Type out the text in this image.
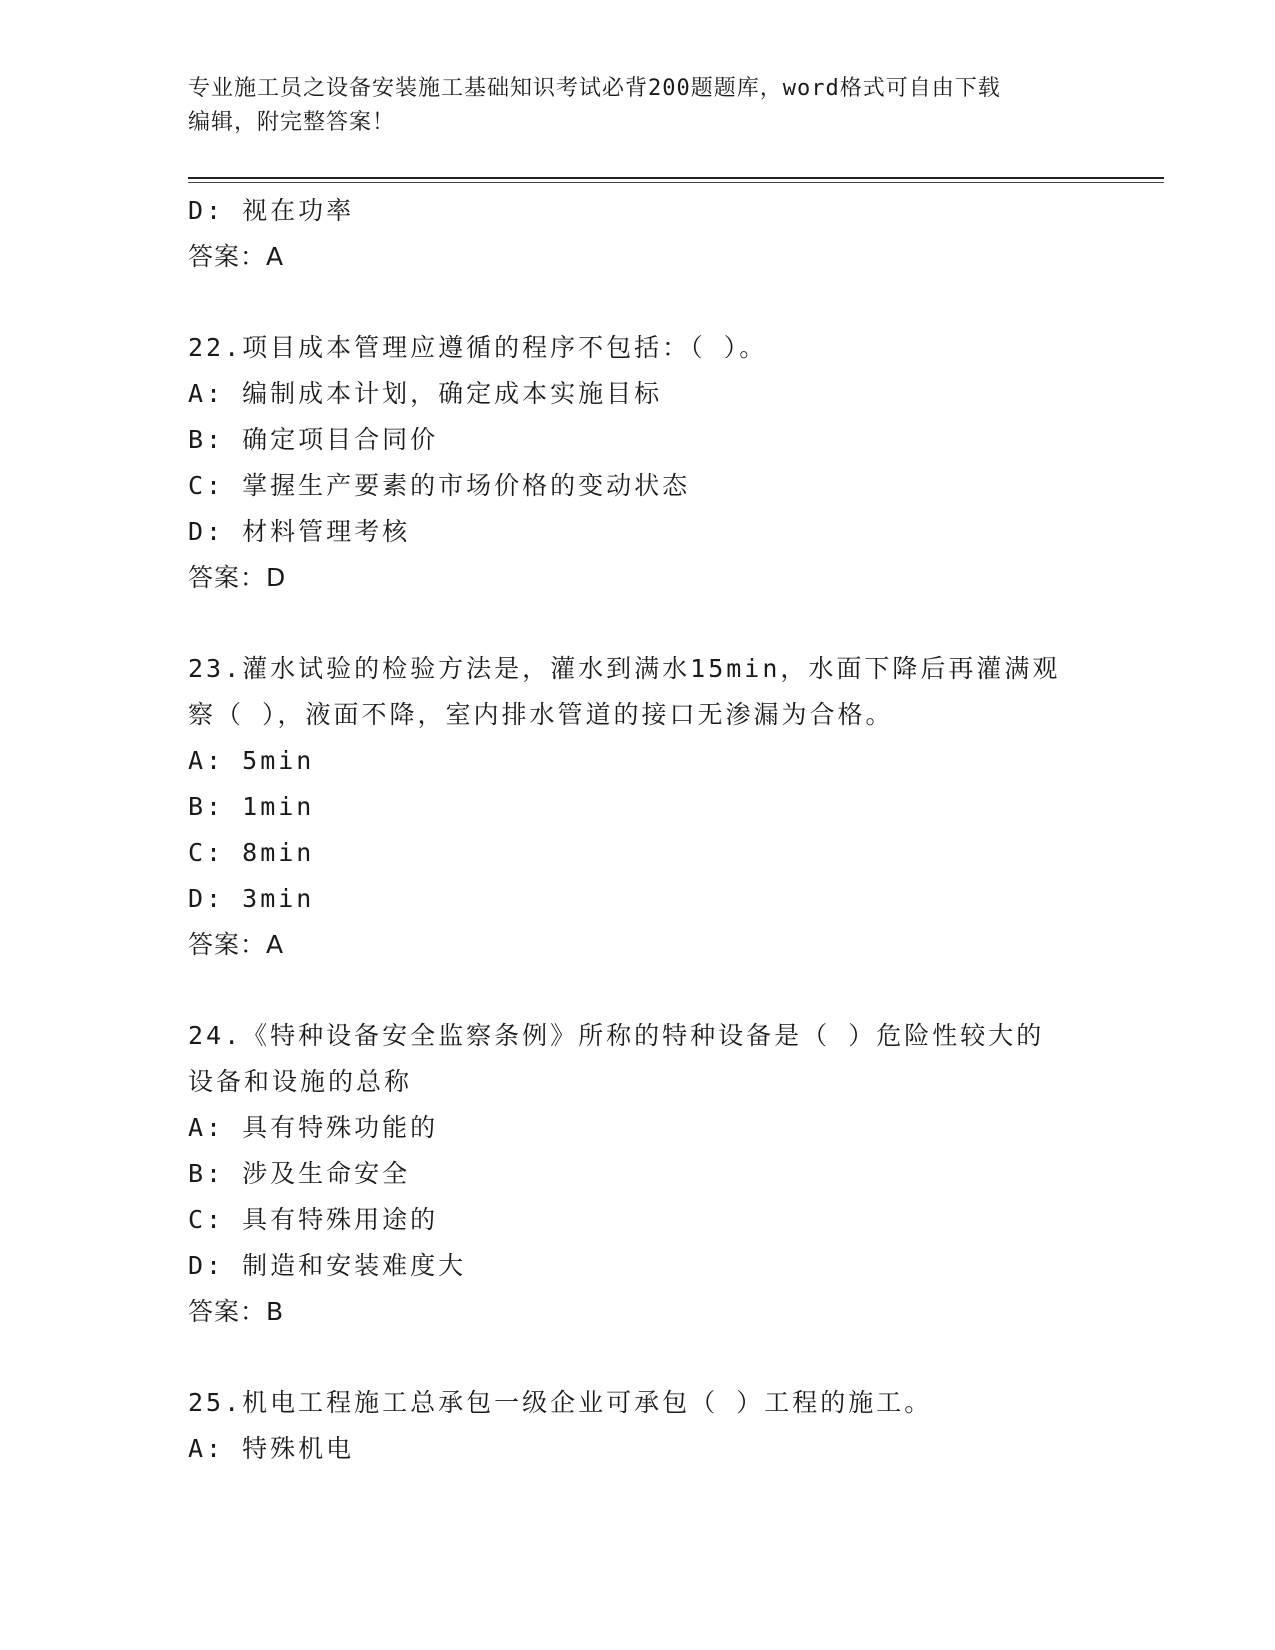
专业施工员之设备安装施工基础知识考试必背200题题库，word格式可自由下载
编辑，附完整答案！
D: 视在功率
答案：A
22.项目成本管理应遵循的程序不包括：（ ）。
A: 编制成本计划，确定成本实施目标
B: 确定项目合同价
C: 掌握生产要素的市场价格的变动状态
D: 材料管理考核
答案：D
23.灌水试验的检验方法是，灌水到满水15min，水面下降后再灌满观
察（ ），液面不降，室内排水管道的接口无渗漏为合格。
A: 5min
B: 1min
C: 8min
D: 3min
答案：A
24.《特种设备安全监察条例》所称的特种设备是（ ）危险性较大的
设备和设施的总称
A: 具有特殊功能的
B: 涉及生命安全
C: 具有特殊用途的
D: 制造和安装难度大
答案：B
25.机电工程施工总承包一级企业可承包（ ）工程的施工。
A: 特殊机电
